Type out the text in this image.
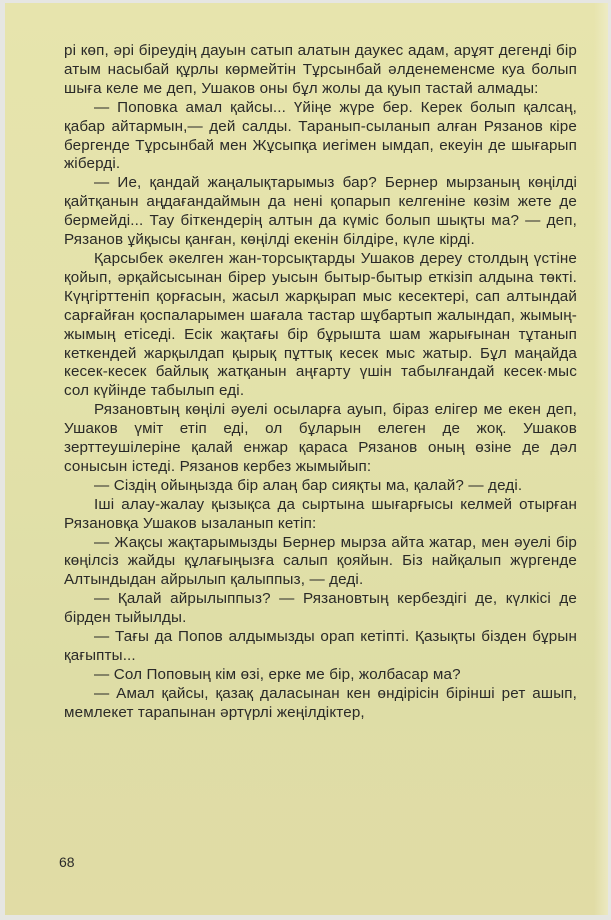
рі көп, әрі біреудің дауын сатып алатын даукес адам, арұят дегенді бір атым насыбай құрлы көрмейтін Тұрсынбай әлденеменсме куа болып шыға келе ме деп, Ушаков оны бұл жолы да қуып тастай алмады:

— Поповка амал қайсы... Үйіңе жүре бер. Керек болып қалсаң, қабар айтармын,— дей салды. Таранып-сыланып алған Рязанов кіре бергенде Тұрсынбай мен Жұсыпқа иегімен ымдап, екеуін де шығарып жіберді.

— Ие, қандай жаңалықтарымыз бар? Бернер мырзаның көңілді қайтқанын аңдағандаймын да нені қопарып келгеніне көзім жете де бермейді... Тау біткендерің алтын да күміс болып шықты ма? — деп, Рязанов ұйқысы қанған, көңілді екенін білдіре, күле кірді.

Қарсыбек әкелген жан-торсықтарды Ушаков дереу столдың үстіне қойып, әрқайсысынан бірер уысын бытыр-бытыр еткізіп алдына төкті. Күңгірттеніп қорғасын, жасыл жарқырап мыс кесектері, сап алтындай сарғайған қоспаларымен шағала тастар шұбартып жалындап, жымың-жымың етіседі. Есік жақтағы бір бұрышта шам жарығынан тұтанып кеткендей жарқылдап қырық пұттық кесек мыс жатыр. Бұл маңайда кесек-кесек байлық жатқанын аңғарту үшін табылғандай кесек·мыс сол күйінде табылып еді.

Рязановтың көңілі әуелі осыларға ауып, біраз елігер ме екен деп, Ушаков үміт етіп еді, ол бұларын елеген де жоқ. Ушаков зерттеушілеріне қалай енжар қараса Рязанов оның өзіне де дәл сонысын істеді. Рязанов кербез жымыйып:

— Сіздің ойыңызда бір алаң бар сияқты ма, қалай? — деді.

Іші алау-жалау қызықса да сыртына шығарғысы келмей отырған Рязановқа Ушаков ызаланып кетіп:

— Жақсы жақтарымызды Бернер мырза айта жатар, мен әуелі бір көңілсіз жайды құлағыңызға салып қояйын. Біз найқалып жүргенде Алтындыдан айрылып қалыппыз, — деді.

— Қалай айрылыппыз? — Рязановтың кербездігі де, күлкісі де бірден тыйылды.

— Тағы да Попов алдымызды орап кетіпті. Қазықты бізден бұрын қағыпты...

— Сол Поповың кім өзі, ерке ме бір, жолбасар ма?

— Амал қайсы, қазақ даласынан кен өндірісін бірінші рет ашып, мемлекет тарапынан әртүрлі жеңілдіктер,

68
